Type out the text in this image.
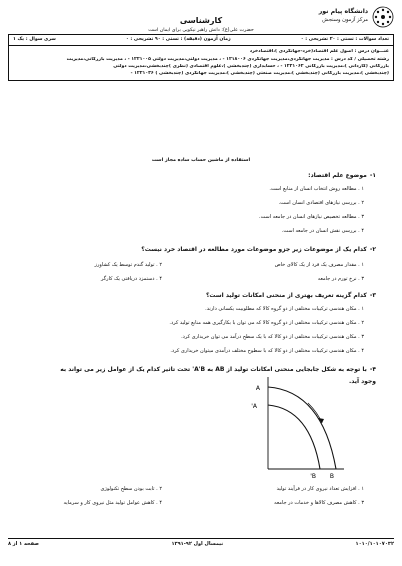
دانشگاه پیام نور
مرکز آزمون وسنجش
کارشناسی
حضرت علی(ع): دانش راهبر نیکویی برای ایمان است
تعداد سوالات : تستی : ۲۰ تشریحی : ۰
زمان آزمون (دقیقه) : تستی : ۹۰ تشریحی : ۰
سری سوال : یک ۱
عنـــوان درس : اصول علم اقتصاد(خرد-جهانگردی )،اقتصادخرد
رشته تحصیلی / کد درس : مدیریت جهانگردی،مدیریت جهانگردی ۱۲۱۸۰۰۶ - ، مدیریت دولتی،مدیریت دولتی ۱۲۲۱۰۰۵ - ، مدیریت بازرگانی،مدیریت
بازرگانی (کاردانی )،مدیریت بازرگانی ۱۲۲۱۰۶۲ - ، حسابداری (چندبخشی )،علوم اقتصادی (نظری )چندبخشی،مدیریت دولتی
(چندبخشی )،مدیریت بازرگانی (چندبخشی )،مدیریت صنعتی (چندبخشی )،مدیریت جهانگردی (چندبخشی ) ۱۲۲۱۰۳۶ -
استفاده از ماشین حساب ساده مجاز است
۱-موضوع علم اقتصاد:
۱ . مطالعه روش انتخاب انسان از منابع است.
۲ . بررسی نیازهای اقتصادی انسان است.
۳ . مطالعه تخصیص نیازهای انسان در جامعه است.
۴ . بررسی نقش انسان در جامعه است.
۲-کدام یک از موضوعات زیر جزو موضوعات مورد مطالعه در اقتصاد خرد نیست؟
۱ . مقدار مصرف یک فرد از یک کالای خاص
۲ . تولید گندم توسط یک کشاورز
۳ . نرخ تورم در جامعه
۴ . دستمزد دریافتی یک کارگر
۳-کدام گزینه تعریف بهتری از منحنی امکانات تولید است؟
۱ . مکان هندسی ترکیبات مختلفی از دو گروه کالا که مطلوبیت یکسانی دارند.
۲ . مکان هندسی ترکیبات مختلفی از دو گروه کالا که می توان با بکارگیری همه منابع تولید کرد.
۳ . مکان هندسی ترکیبات مختلفی از دو کالا که با یک سطح درآمد می توان خریداری کرد.
۴ . مکان هندسی ترکیبات مختلفی از دو کالا که با سطوح مختلف درآمدی میتوان خریداری کرد.
۴-با توجه به شکل جابجایی منحنی امکانات تولید از AB به A'B' تحت تاثیر کدام یک از عوامل زیر می تواند به
وجود آید.
A
A'
B' B
۱ . افزایش تعداد نیروی کار در فرآیند تولید
۲ . ثابت بودن سطح تکنولوژی
۳ . کاهش مصرف کالاها و خدمات در جامعه
۴ . کاهش عوامل تولید مثل نیروی کار و سرمایه
صفحه ۱ از ۸	نیمسال اول ۹۲-۱۳۹۱	۱۰۱۰/۱۰۱۰۷۰۳۲
